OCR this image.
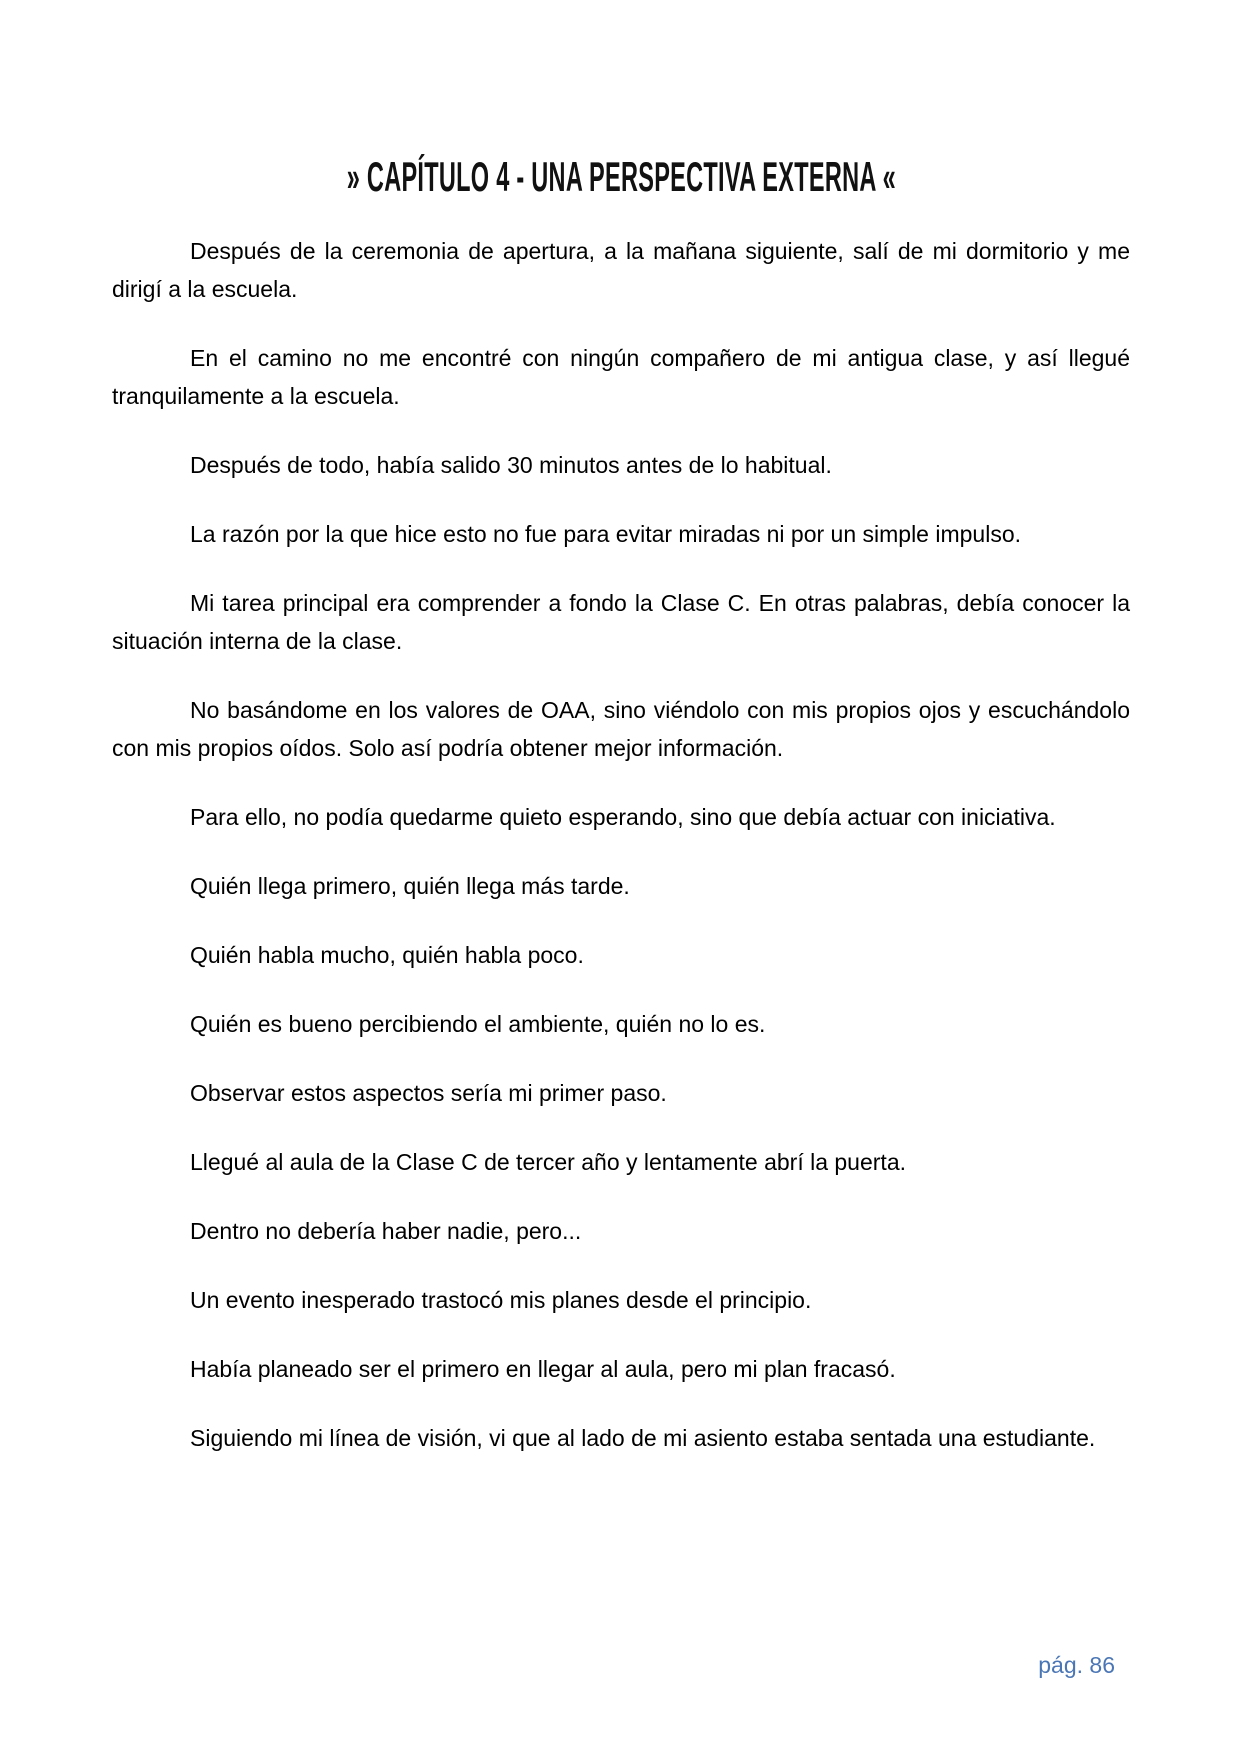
» CAPÍTULO 4 - UNA PERSPECTIVA EXTERNA «

Después de la ceremonia de apertura, a la mañana siguiente, salí de mi dormitorio y me dirigí a la escuela.

En el camino no me encontré con ningún compañero de mi antigua clase, y así llegué tranquilamente a la escuela.

Después de todo, había salido 30 minutos antes de lo habitual.

La razón por la que hice esto no fue para evitar miradas ni por un simple impulso.

Mi tarea principal era comprender a fondo la Clase C. En otras palabras, debía conocer la situación interna de la clase.

No basándome en los valores de OAA, sino viéndolo con mis propios ojos y escuchándolo con mis propios oídos. Solo así podría obtener mejor información.

Para ello, no podía quedarme quieto esperando, sino que debía actuar con iniciativa.

Quién llega primero, quién llega más tarde.

Quién habla mucho, quién habla poco.

Quién es bueno percibiendo el ambiente, quién no lo es.

Observar estos aspectos sería mi primer paso.

Llegué al aula de la Clase C de tercer año y lentamente abrí la puerta.

Dentro no debería haber nadie, pero...

Un evento inesperado trastocó mis planes desde el principio.

Había planeado ser el primero en llegar al aula, pero mi plan fracasó.

Siguiendo mi línea de visión, vi que al lado de mi asiento estaba sentada una estudiante.

pág. 86
